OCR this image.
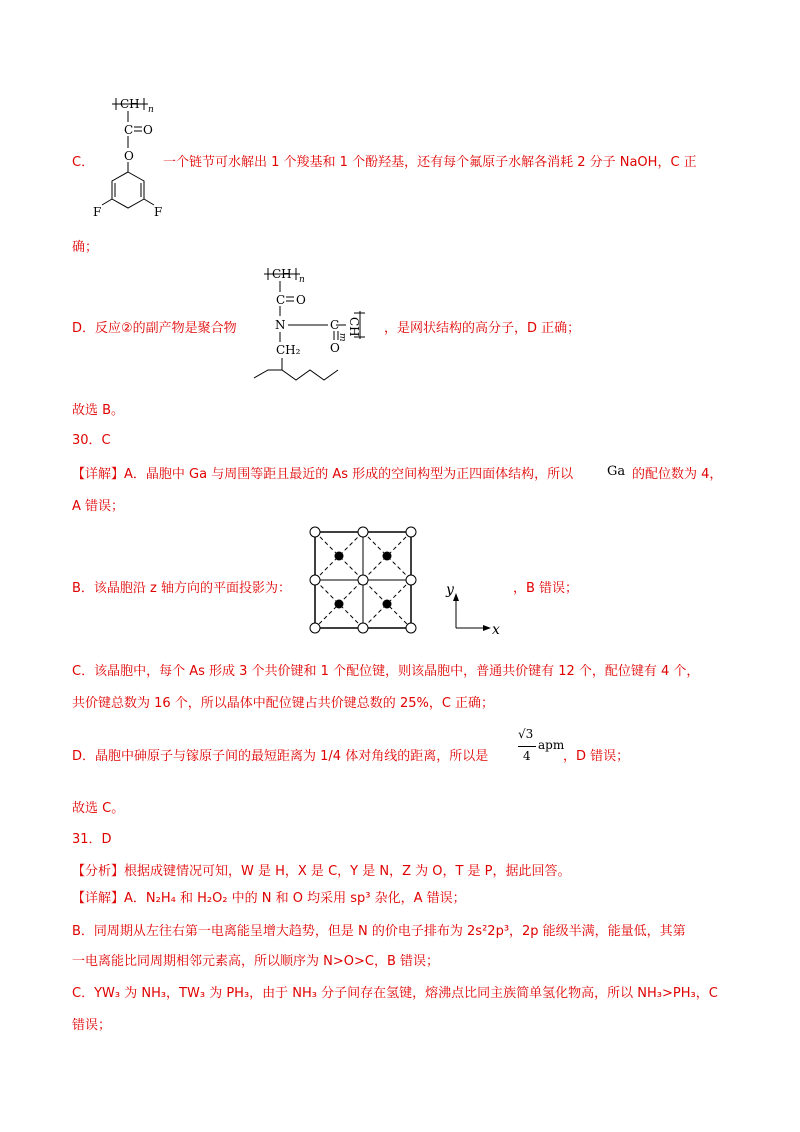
CH n
C O
O
F	F
C．	一个链节可水解出 1 个羧基和 1 个酚羟基，还有每个氟原子水解各消耗 2 分子 NaOH，C 正
确；
CH n
C O
N	C
O
CH
m
CH₂
D．反应②的副产物是聚合物	，是网状结构的高分子，D 正确；
故选 B。
30．C
【详解】A．晶胞中 Ga 与周围等距且最近的 As 形成的空间构型为正四面体结构，所以	Ga 的配位数为 4，
A 错误；
y
x
B．该晶胞沿 z 轴方向的平面投影为：	，B 错误；
C．该晶胞中，每个 As 形成 3 个共价键和 1 个配位键，则该晶胞中，普通共价键有 12 个，配位键有 4 个，
共价键总数为 16 个，所以晶体中配位键占共价键总数的 25%，C 正确；
D．晶胞中砷原子与镓原子间的最短距离为 1/4 体对角线的距离，所以是
√3
4
apm
，D 错误；
故选 C。
31．D
【分析】根据成键情况可知，W 是 H，X 是 C，Y 是 N，Z 为 O，T 是 P，据此回答。
【详解】A．N₂H₄ 和 H₂O₂ 中的 N 和 O 均采用 sp³ 杂化，A 错误；
B．同周期从左往右第一电离能呈增大趋势，但是 N 的价电子排布为 2s²2p³，2p 能级半满，能量低，其第
一电离能比同周期相邻元素高，所以顺序为 N>O>C，B 错误；
C．YW₃ 为 NH₃，TW₃ 为 PH₃，由于 NH₃ 分子间存在氢键，熔沸点比同主族简单氢化物高，所以 NH₃>PH₃，C
错误；
